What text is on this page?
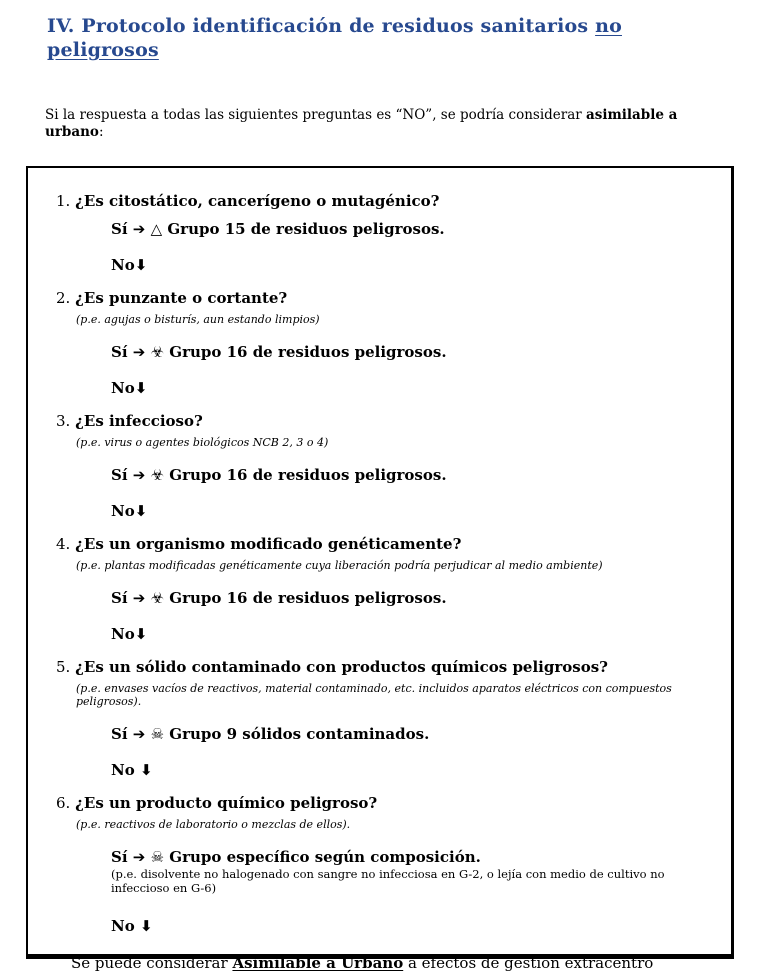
IV. Protocolo identificación de residuos sanitarios no peligrosos
Si la respuesta a todas las siguientes preguntas es “NO”, se podría considerar asimilable a urbano:
1. ¿Es citostático, cancerígeno o mutagénico?
Sí ➔ △ Grupo 15 de residuos peligrosos.
No⬇
2. ¿Es punzante o cortante?
(p.e. agujas o bisturís, aun estando limpios)
Sí ➔ ☣ Grupo 16 de residuos peligrosos.
No⬇
3. ¿Es infeccioso?
(p.e. virus o agentes biológicos NCB 2, 3 o 4)
Sí ➔ ☣ Grupo 16 de residuos peligrosos.
No⬇
4. ¿Es un organismo modificado genéticamente?
(p.e. plantas modificadas genéticamente cuya liberación podría perjudicar al medio ambiente)
Sí ➔ ☣ Grupo 16 de residuos peligrosos.
No⬇
5. ¿Es un sólido contaminado con productos químicos peligrosos?
(p.e. envases vacíos de reactivos, material contaminado, etc. incluidos aparatos eléctricos con compuestos peligrosos).
Sí ➔ ☠ Grupo 9 sólidos contaminados.
No ⬇
6. ¿Es un producto químico peligroso?
(p.e. reactivos de laboratorio o mezclas de ellos).
Sí ➔ ☠ Grupo específico según composición.
(p.e. disolvente no halogenado con sangre no infecciosa en G-2, o lejía con medio de cultivo no infeccioso en G-6)
No ⬇
Se puede considerar Asimilable a Urbano a efectos de gestión extracentro
